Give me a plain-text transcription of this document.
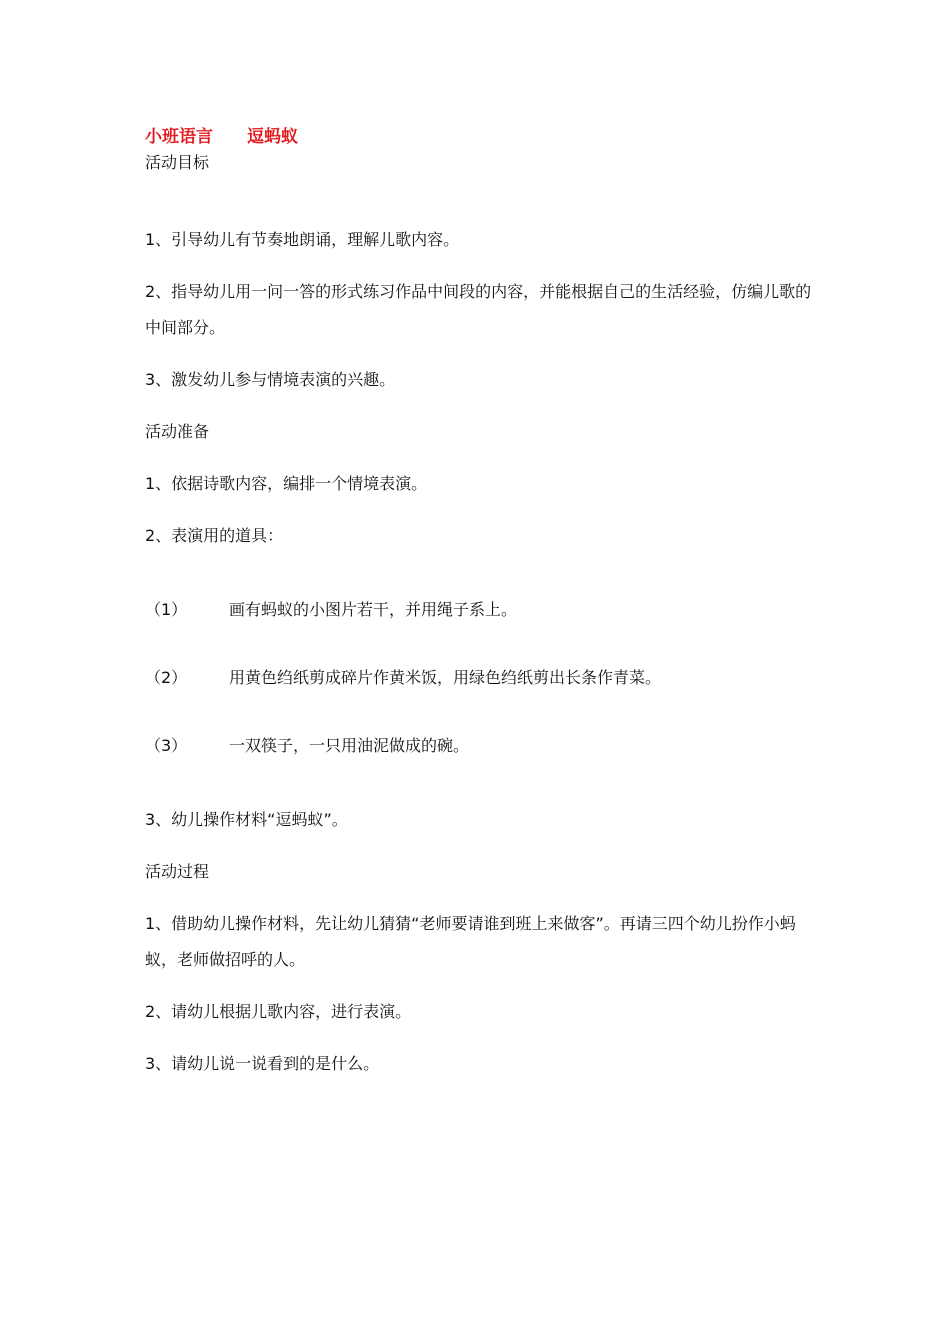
小班语言　　逗蚂蚁
活动目标
1、引导幼儿有节奏地朗诵，理解儿歌内容。
2、指导幼儿用一问一答的形式练习作品中间段的内容，并能根据自己的生活经验，仿编儿歌的中间部分。
3、激发幼儿参与情境表演的兴趣。
活动准备
1、依据诗歌内容，编排一个情境表演。
2、表演用的道具：
（1）	画有蚂蚁的小图片若干，并用绳子系上。
（2）	用黄色绉纸剪成碎片作黄米饭，用绿色绉纸剪出长条作青菜。
（3）	一双筷子，一只用油泥做成的碗。
3、幼儿操作材料“逗蚂蚁”。
活动过程
1、借助幼儿操作材料，先让幼儿猜猜“老师要请谁到班上来做客”。再请三四个幼儿扮作小蚂蚁，老师做招呼的人。
2、请幼儿根据儿歌内容，进行表演。
3、请幼儿说一说看到的是什么。
